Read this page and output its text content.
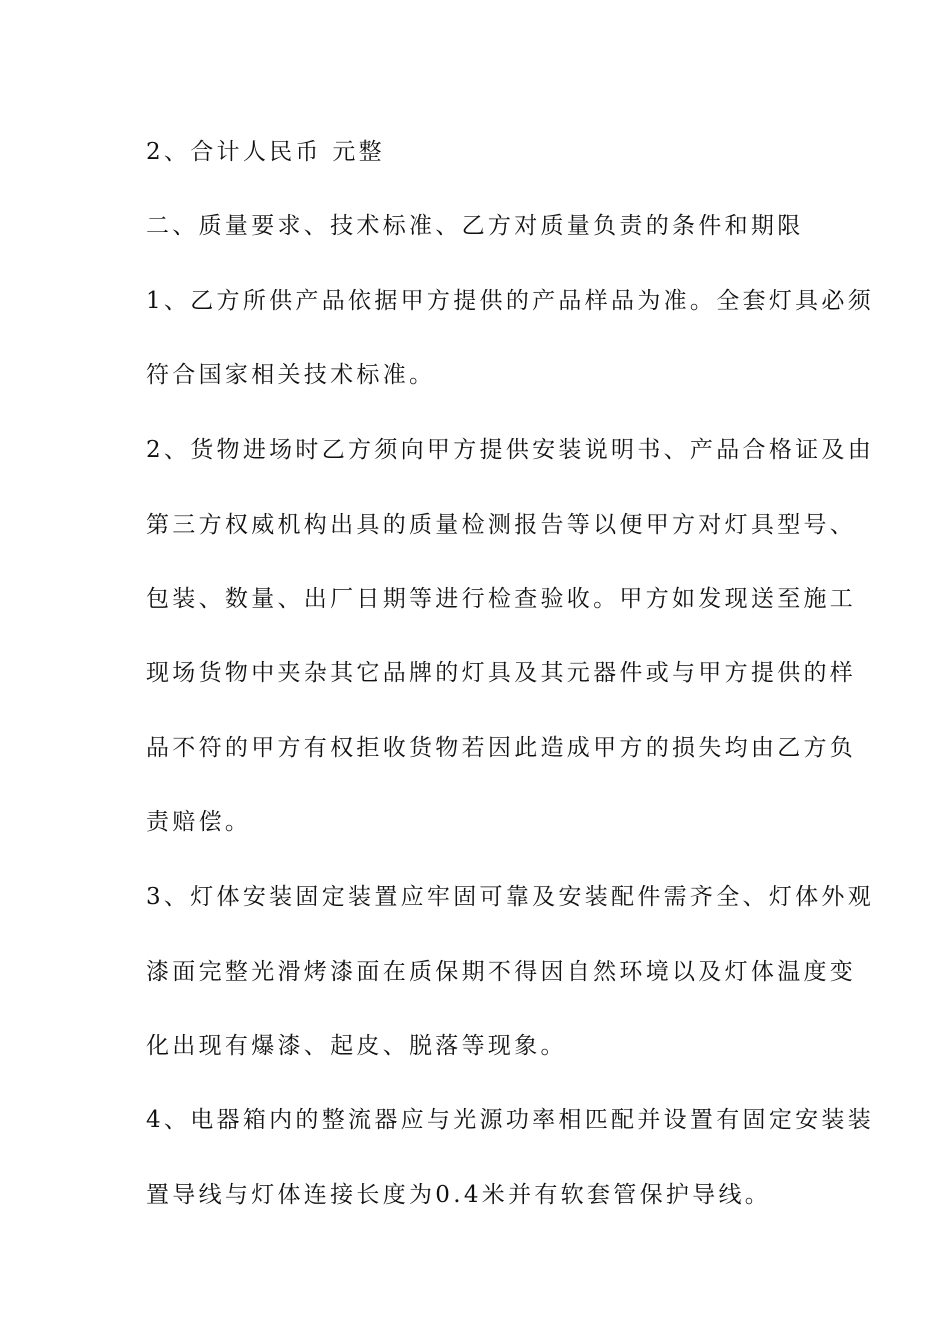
2、合计人民币 元整
二、质量要求、技术标准、乙方对质量负责的条件和期限
1、乙方所供产品依据甲方提供的产品样品为准。全套灯具必须
符合国家相关技术标准。
2、货物进场时乙方须向甲方提供安装说明书、产品合格证及由
第三方权威机构出具的质量检测报告等以便甲方对灯具型号、
包装、数量、出厂日期等进行检查验收。甲方如发现送至施工
现场货物中夹杂其它品牌的灯具及其元器件或与甲方提供的样
品不符的甲方有权拒收货物若因此造成甲方的损失均由乙方负
责赔偿。
3、灯体安装固定装置应牢固可靠及安装配件需齐全、灯体外观
漆面完整光滑烤漆面在质保期不得因自然环境以及灯体温度变
化出现有爆漆、起皮、脱落等现象。
4、电器箱内的整流器应与光源功率相匹配并设置有固定安装装
置导线与灯体连接长度为0.4米并有软套管保护导线。
